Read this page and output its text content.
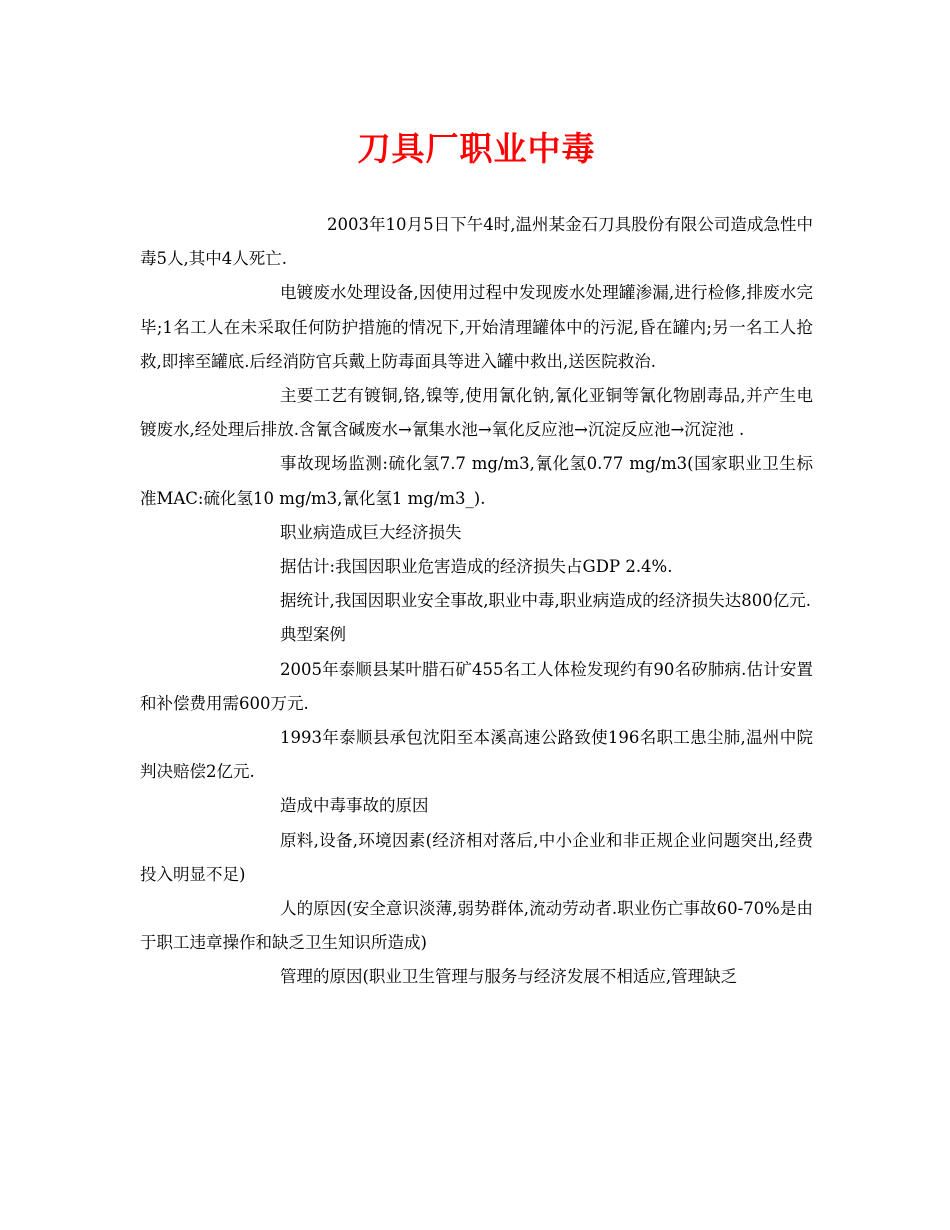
刀具厂职业中毒

2003年10月5日下午4时,温州某金石刀具股份有限公司造成急性中毒5人,其中4人死亡.

电镀废水处理设备,因使用过程中发现废水处理罐渗漏,进行检修,排废水完毕;1名工人在未采取任何防护措施的情况下,开始清理罐体中的污泥,昏在罐内;另一名工人抢救,即摔至罐底.后经消防官兵戴上防毒面具等进入罐中救出,送医院救治.

主要工艺有镀铜,铬,镍等,使用氰化钠,氰化亚铜等氰化物剧毒品,并产生电镀废水,经处理后排放.含氰含碱废水→氰集水池→氧化反应池→沉淀反应池→沉淀池 .

事故现场监测:硫化氢7.7 mg/m3,氰化氢0.77 mg/m3(国家职业卫生标准MAC:硫化氢10 mg/m3,氰化氢1 mg/m3_).

职业病造成巨大经济损失

据估计:我国因职业危害造成的经济损失占GDP 2.4%.

据统计,我国因职业安全事故,职业中毒,职业病造成的经济损失达800亿元.

典型案例

2005年泰顺县某叶腊石矿455名工人体检发现约有90名矽肺病.估计安置和补偿费用需600万元.

1993年泰顺县承包沈阳至本溪高速公路致使196名职工患尘肺,温州中院判决赔偿2亿元.

造成中毒事故的原因

原料,设备,环境因素(经济相对落后,中小企业和非正规企业问题突出,经费投入明显不足)

人的原因(安全意识淡薄,弱势群体,流动劳动者.职业伤亡事故60-70%是由于职工违章操作和缺乏卫生知识所造成)

管理的原因(职业卫生管理与服务与经济发展不相适应,管理缺乏
